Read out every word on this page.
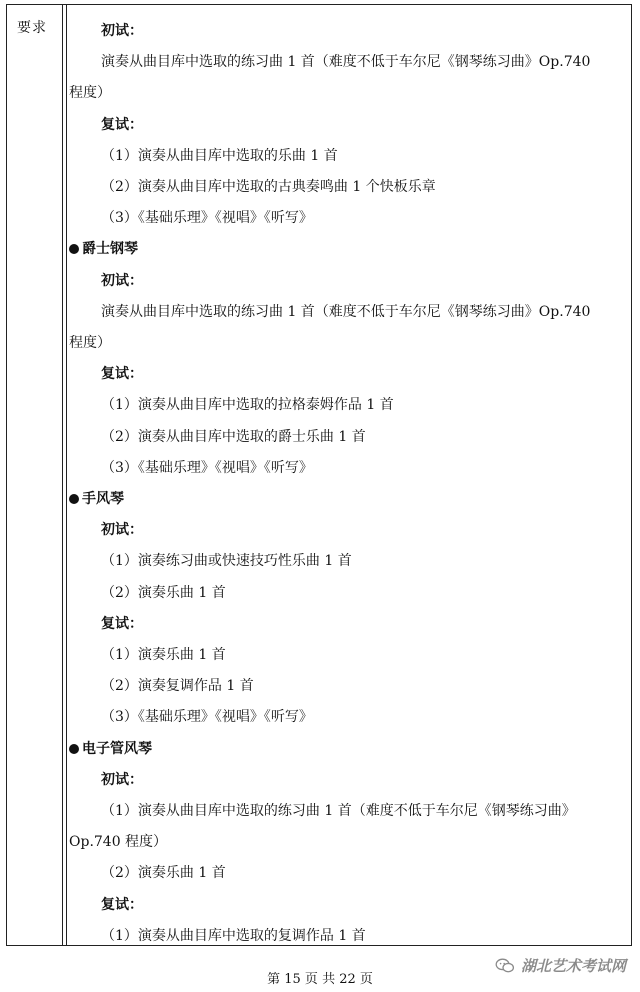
要求	初试：
演奏从曲目库中选取的练习曲 1 首（难度不低于车尔尼《钢琴练习曲》Op.740
程度）
复试：
（1）演奏从曲目库中选取的乐曲 1 首
（2）演奏从曲目库中选取的古典奏鸣曲 1 个快板乐章
（3）《基础乐理》《视唱》《听写》
爵士钢琴
初试：
演奏从曲目库中选取的练习曲 1 首（难度不低于车尔尼《钢琴练习曲》Op.740
程度）
复试：
（1）演奏从曲目库中选取的拉格泰姆作品 1 首
（2）演奏从曲目库中选取的爵士乐曲 1 首
（3）《基础乐理》《视唱》《听写》
手风琴
初试：
（1）演奏练习曲或快速技巧性乐曲 1 首
（2）演奏乐曲 1 首
复试：
（1）演奏乐曲 1 首
（2）演奏复调作品 1 首
（3）《基础乐理》《视唱》《听写》
电子管风琴
初试：
（1）演奏从曲目库中选取的练习曲 1 首（难度不低于车尔尼《钢琴练习曲》
Op.740 程度）
（2）演奏乐曲 1 首
复试：
（1）演奏从曲目库中选取的复调作品 1 首
第 15 页 共 22 页
湖北艺术考试网
